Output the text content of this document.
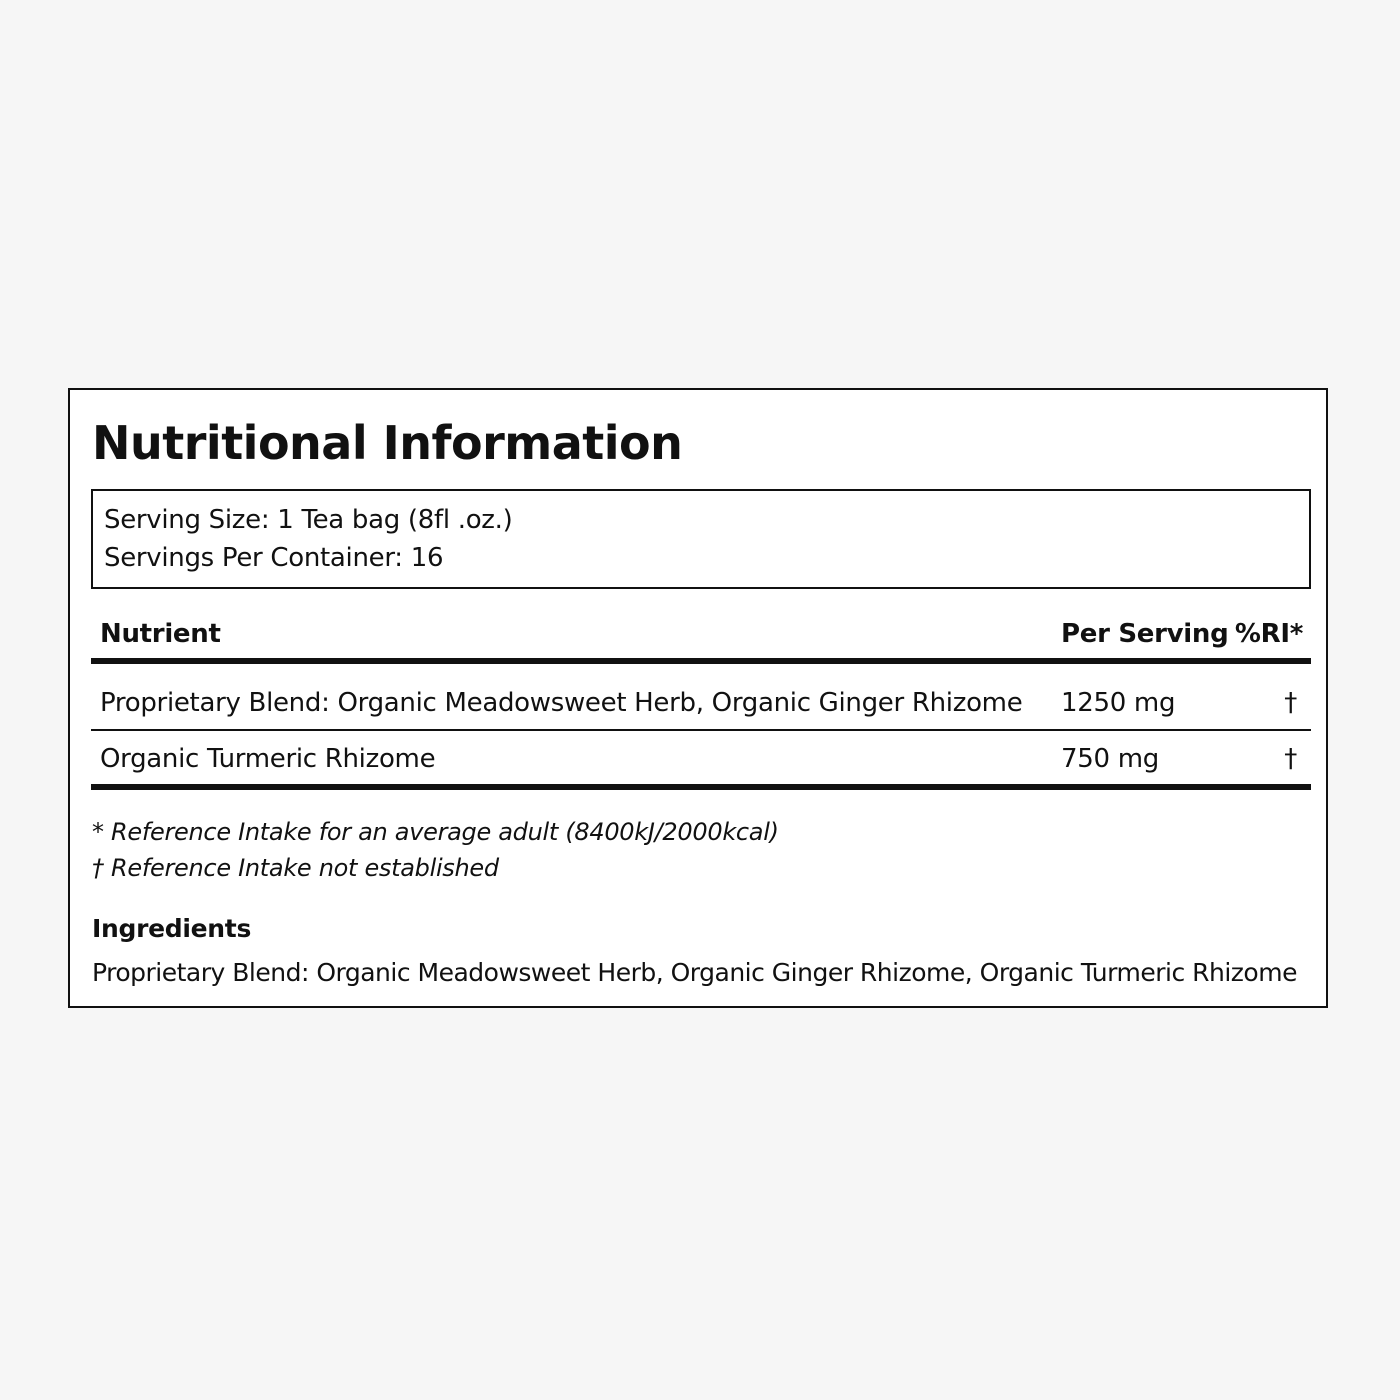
Nutritional Information
Serving Size: 1 Tea bag (8fl .oz.)
Servings Per Container: 16
Nutrient	Per Serving %RI*
Proprietary Blend: Organic Meadowsweet Herb, Organic Ginger Rhizome 1250 mg	†
Organic Turmeric Rhizome	750 mg	†
* Reference Intake for an average adult (8400kJ/2000kcal)
† Reference Intake not established
Ingredients
Proprietary Blend: Organic Meadowsweet Herb, Organic Ginger Rhizome, Organic Turmeric Rhizome
